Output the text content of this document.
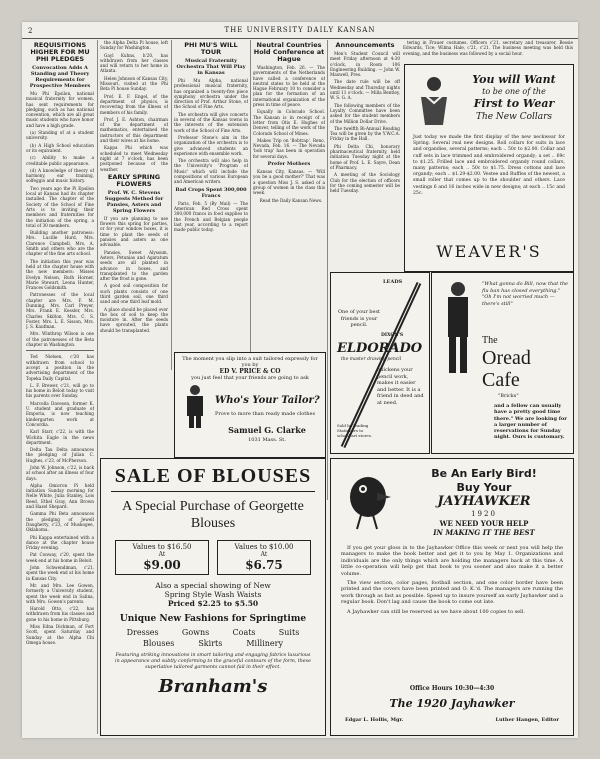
2	THE UNIVERSITY DAILY KANSAN
REQUISITIONS HIGHER FOR MU PHI PLEDGES
Convocation Adds A Standing and Theory Requirements for Prospective Members

Mu Phi Epsilon, national musical fraternity for women, has sent requirements for pledging, such as has national convention, which are all great music students who have honor and have a high grade.

(a) Standing of at a student university.

(b) A High School education or its equivalent.

(c) Ability to make a creditable public appearance.

(d) A knowledge of theory of harmony, ear training, solfeggio and music history.

Two years ago the Pi Epsilon local at Kansas had its chapter installed. The chapter of the Society of the School of Fine Arts is to inviting their members and fraternities for the initiation of the spring, a total of 30 members.

Building another patroness: Mrs. Lucille Hurd, Mrs. Clarence Campbell, Mrs. A. Smith and others who are the chapter of the fine arts school.

The initiation this year was held at the chapter house with the new members: Misses Evelyn Nelson, Ruth Horner, Marie Stewart, Leona Hunter, Frances Goldsmith.

Patronesses of the local chapter are Mrs. F. M. Dunning, Mrs. Carl Preyer, Mrs. Frank E. Kessler, Mrs. Charles Skilton, Mrs. C. S. Foster, Mrs. L. E. Sisson, Mrs. J. S. Kaufman.

Mrs. Winthrop Wilson is one of the patronesses of the Beta chapter in Washington.

Ted Nielsen, c'20 has withdrawn from school to accept a position in the advertising department of the Topeka Daily Capital.

L. F. Brewer, c'21, will go to his home in Beloit today to visit his parents over Sunday.

Marcella Daveson, former K. U. student and graduate of Emporia, is now teaching kindergarten work at Concordia.

Karl Starr, c'22, is with the Wichita Eagle in the news department.

Delta Tau Delta announces the pledging of Julian C. Hughes, c'23, of McPherson.

John W. Johnson, c'22, is back at school after an illness of four days.

Alpha Omicron Pi held initiation Sunday morning for Nelle White, Julia Stanley, Lois Reed, Ethel Gray, Ann Brown and Hazel Shepard.

Gamma Phi Beta announces the pledging of Jewell Daugherty, c'23, of Muskogee, Oklahoma.

Phi Kappa entertained with a dance at the chapter house Friday evening.

Pat Conway, c'20, spent the week end at his home in Beloit.

John Schwendiman, c'21, spent the week end at his home in Kansas City.

Mr. and Mrs. Lee Gowen, formerly a University student, spent the week end in Salina, with Mrs. Gowen's parents.

Harold Otto, c'22, has withdrawn from his classes and gone to his home in Pittsburg.

Miss Edna Dickman, of Fort Scott, spent Saturday and Sunday at the Alpha Chi Omega house.

the Alpha Delta Pi house, left Sunday for Washington.

Gayl Kuhns, h'20, has withdrawn from her classes and will return to her home in Atlanta.

Helen Johnson of Kansas City, Missouri, visited at the Phi Beta Pi house Sunday.

Prof. E. F. Engel, of the department of physics, is recovering from the illness of members of his family.

Prof. J. E. Ashton, chairman of the department of mathematics, entertained the instructors of this department and their wives at his home.

Kappa Phi which was scheduled to meet Wednesday night at 7 o'clock, has been postponed because of the weather.

EARLY SPRING FLOWERS
Prof. W. C. Stevens Suggests Method for Pansies, Asters and Spring Flowers

If you are planning to use flowers this spring for parties, or for your window boxes, it is time to plant the seeds of pansies and asters as one advisable.

Pansies, Sweet Alyssum, Asters, Petunias and Agaratum seeds are all planted in advance in boxes, and transplanted to the garden after the frost is gone.

A good soil composition for such plants consists of one third garden soil, one third sand and one third leaf mold.

A place should be placed over the box of soil to keep the moisture in. After the seeds have sprouted, the plants should be transplanted.

PHI MU'S WILL TOUR
Musical Fraternity Orchestra That Will Play in Kansas

Phi Mu Alpha, national professional musical fraternity, has organized a twenty-five piece symphony orchestra under the direction of Prof. Arthur Stone, of the School of Fine Arts.

The orchestra will give concerts in several of the Kansas towns in the interests of the extension work of the School of Fine Arts.

Professor Stone's aim in the organization of the orchestra is to give advanced students an experience with ensemble work.

The orchestra will also help in the University's 'Program of Music' which will include the compositions of various European and American writers.

Bad Crops Spent 300,000 Francs

Paris, Feb. 5 (By Mail) — The American Red Cross spent 300,000 francs in food supplies to the French and Belgian people last year, according to a report made public today.

Neutral Countries Hold Conference at Hague

Washington, Feb. 26. — The governments of the Netherlands have called a conference of neutral states to be held at the Hague February 10 to consider a plan for the formation of an international organization of the press in time of peace.

Equally in Colorado School. The Kansan is in receipt of a letter from Otis E. Hughes of Denver, telling of the work of the Colorado School of Mines.

Makes Trip on 'Bobtrap'. Reno, Nevada, Feb. 16. — The Nevada 'bob trap' has been in operation for several days.

Prefer Mothers

Kansas City, Kansas. — 'Will you be a good mother?' That was a question Miss J. S. asked of a group of women in the class this week.

Read the Daily Kansan News.

Announcements

Men's Student Council will meet Friday afternoon at 4:30 o'clock, in Room 106 Engineering Building. — John W. Maxwell, Pres.

The date rule will be off Wednesday and Thursday nights until 11 o'clock. — Milla Bentley, W. S. G. A.

The following members of the Loyalty Committee have been asked for the student members of the Million Dollar Drive.

The twelfth Bi-Annual Reading Tea will be given by the Y.W.C.A. Friday in the Hall.

Phi Delta Chi, honorary pharmaceutical fraternity, held initiation Tuesday night at the home of Prof. L. E. Sayre, Dean of Pharmacy.

A meeting of the Sociology Club for the election of officers for the coming semester will be held Tuesday.

tering in Frauer costumes. Officers c'21, secretary and treasurer, Bessie Edwards, Tice; Wilma Hale, c'21, c'21. The business meeting was held this evening, and the business was followed by a social hour.

The moment you slip into a suit tailored expressly for you by
ED V. PRICE & CO
you just feel that your friends are going to ask
Who's Your Tailor?
Prove to more than ready made clothes
Samuel G. Clarke
1031 Mass. St.
You will Want
to be one of the
First to Wear
The New Collars
Just today we made the first display of the new neckwear for Spring. Several real new designs. Roll collars for suits in lace and organdies, several patterns; each .. 50c to $2.00. Collar and cuff sets in lace trimmed and embroidered organdy; a set .. 69c to $1.25. Frilled lace and embroidered organdy round collars, many patterns; each .. 50c to $1.75. Dress cottons and lace organdy; each .. $1.29-$2.00. Vestee and Ruffles of the newest, a small roller that comes up to the shoulder and others. Lace vestings 6 and 16 inches wide in new designs; at each .. 15c and 25c.
WEAVER'S
LEADS
One of your best friends is your pencil.
DIXON'S
ELDORADO
the master drawing pencil
quickens your pencil work, makes it easier and better. It is a friend in deed and at need.
Sold by leading Stationers to school art stores.
"What gonna do Bill, now that the flu ban has closed everything." "Oh I'm not worried much — there's still"
The
Oread
Cafe
"Bricks"
and a fellow can usually have a pretty good time there." We are looking for a larger number of reservations for Sunday night. Ours is customary.
SALE OF BLOUSES
A Special Purchase of Georgette Blouses
Values to $16.50
At
$9.00
Values to $10.00
At
$6.75
Also a special showing of New
Spring Style Wash Waists
Priced $2.25 to $5.50
Unique New Fashions for Springtime
Dresses	Gowns	Coats	Suits
Blouses	Skirts	Millinery
Featuring striking innovations in smart tailoring and engaging fabrics luxurious in appearance and subtly conforming to the graceful contours of the form, these superlative tailored garments cannot fail in their effect.
Branham's
Be An Early Bird!
Buy Your
JAYHAWKER
1920
WE NEED YOUR HELP
IN MAKING IT THE BEST

If you get your gloss in to the Jayhawker Office this week or next you will help the managers to make the book better and get it to you by May 1. Organizations and individuals are the only things which are holding the managers back at this time. A little co-operation will help get that book to you sooner and also make it a better volume.

The view section, color pages, football section, and one color border have been printed and the covers have been printed and O. K.'d. The managers are running the work through as fast as possible. Speed up to insure yourself an early Jayhawker and a regular book. Don't lag and cause the book to come out late.

A Jayhawker can still be reserved as we have about 100 copies to sell.

Office Hours 10:30—4:30
The 1920 Jayhawker
Edgar L. Hollis, Mgr.	Luther Hangen, Editor
